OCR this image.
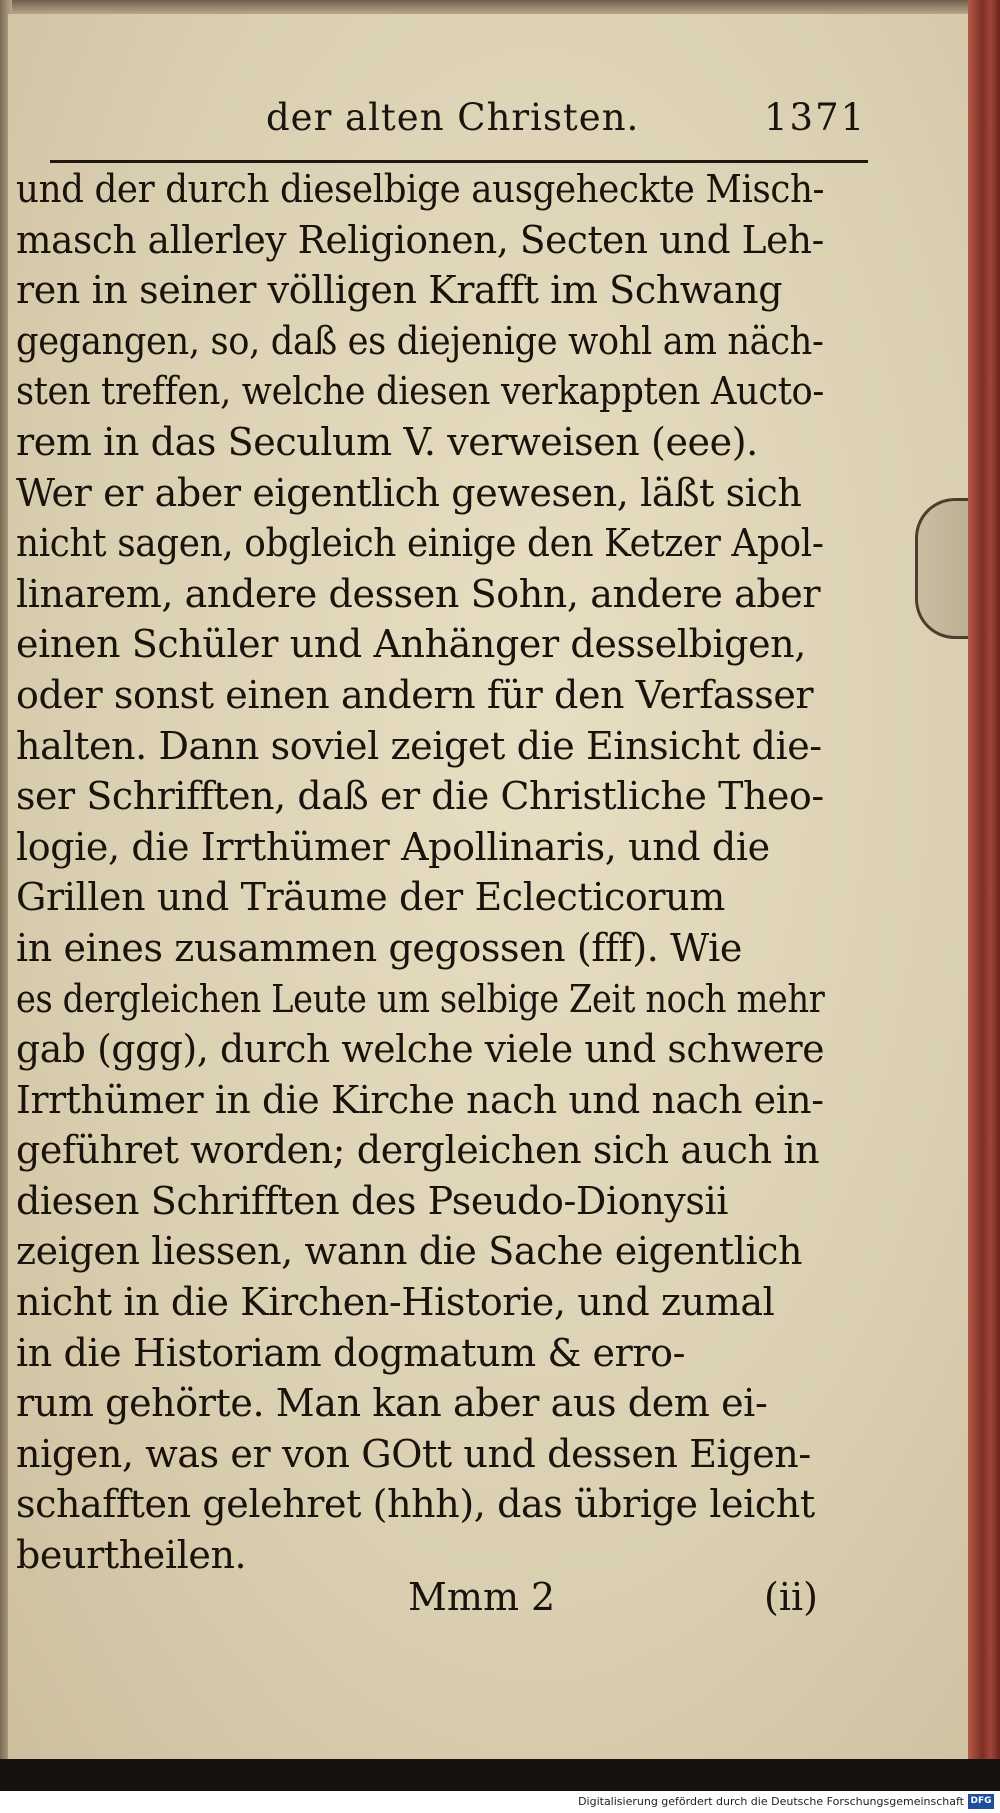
der alten Christen.	1371
und der durch dieselbige ausgeheckte Misch-
masch allerley Religionen, Secten und Leh-
ren in seiner völligen Krafft im Schwang
gegangen, so, daß es diejenige wohl am näch-
sten treffen, welche diesen verkappten Aucto-
rem in das Seculum V. verweisen (eee).
Wer er aber eigentlich gewesen, läßt sich
nicht sagen, obgleich einige den Ketzer Apol-
linarem, andere dessen Sohn, andere aber
einen Schüler und Anhänger desselbigen,
oder sonst einen andern für den Verfasser
halten. Dann soviel zeiget die Einsicht die-
ser Schrifften, daß er die Christliche Theo-
logie, die Irrthümer Apollinaris, und die
Grillen und Träume der Eclecticorum
in eines zusammen gegossen (fff). Wie
es dergleichen Leute um selbige Zeit noch mehr
gab (ggg), durch welche viele und schwere
Irrthümer in die Kirche nach und nach ein-
geführet worden; dergleichen sich auch in
diesen Schrifften des Pseudo-Dionysii
zeigen liessen, wann die Sache eigentlich
nicht in die Kirchen-Historie, und zumal
in die Historiam dogmatum & erro-
rum gehörte. Man kan aber aus dem ei-
nigen, was er von GOtt und dessen Eigen-
schafften gelehret (hhh), das übrige leicht
beurtheilen.
Mmm 2	(ii)
Digitalisierung gefördert durch die Deutsche Forschungsgemeinschaft DFG
